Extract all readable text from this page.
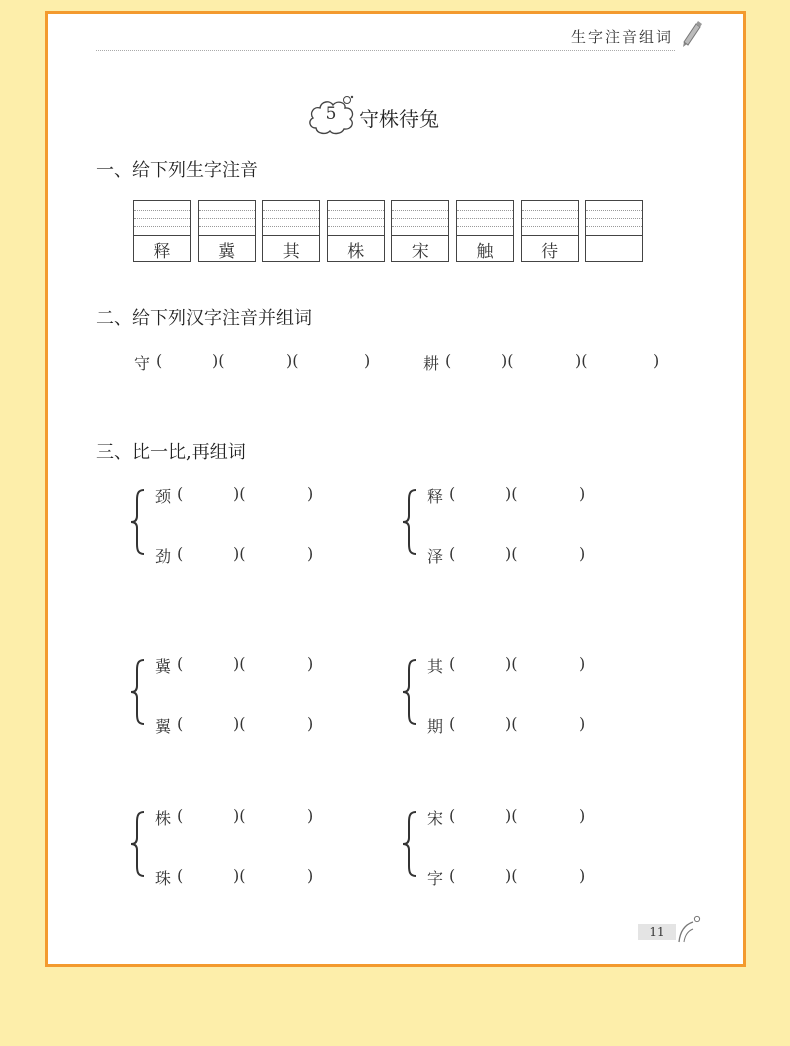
生字注音组词
5 守株待兔
一、给下列生字注音
释	冀	其	株	宋	触	待
二、给下列汉字注音并组词
守 (	)(	)(	)	耕 (	)(	)(	)
三、比一比,再组词
颈 (	)(	)
劲 (	)(	)
释 (	)(	)
泽 (	)(	)
冀 (	)(	)
翼 (	)(	)
其 (	)(	)
期 (	)(	)
株 (	)(	)
珠 (	)(	)
宋 (	)(	)
字 (	)(	)
11
